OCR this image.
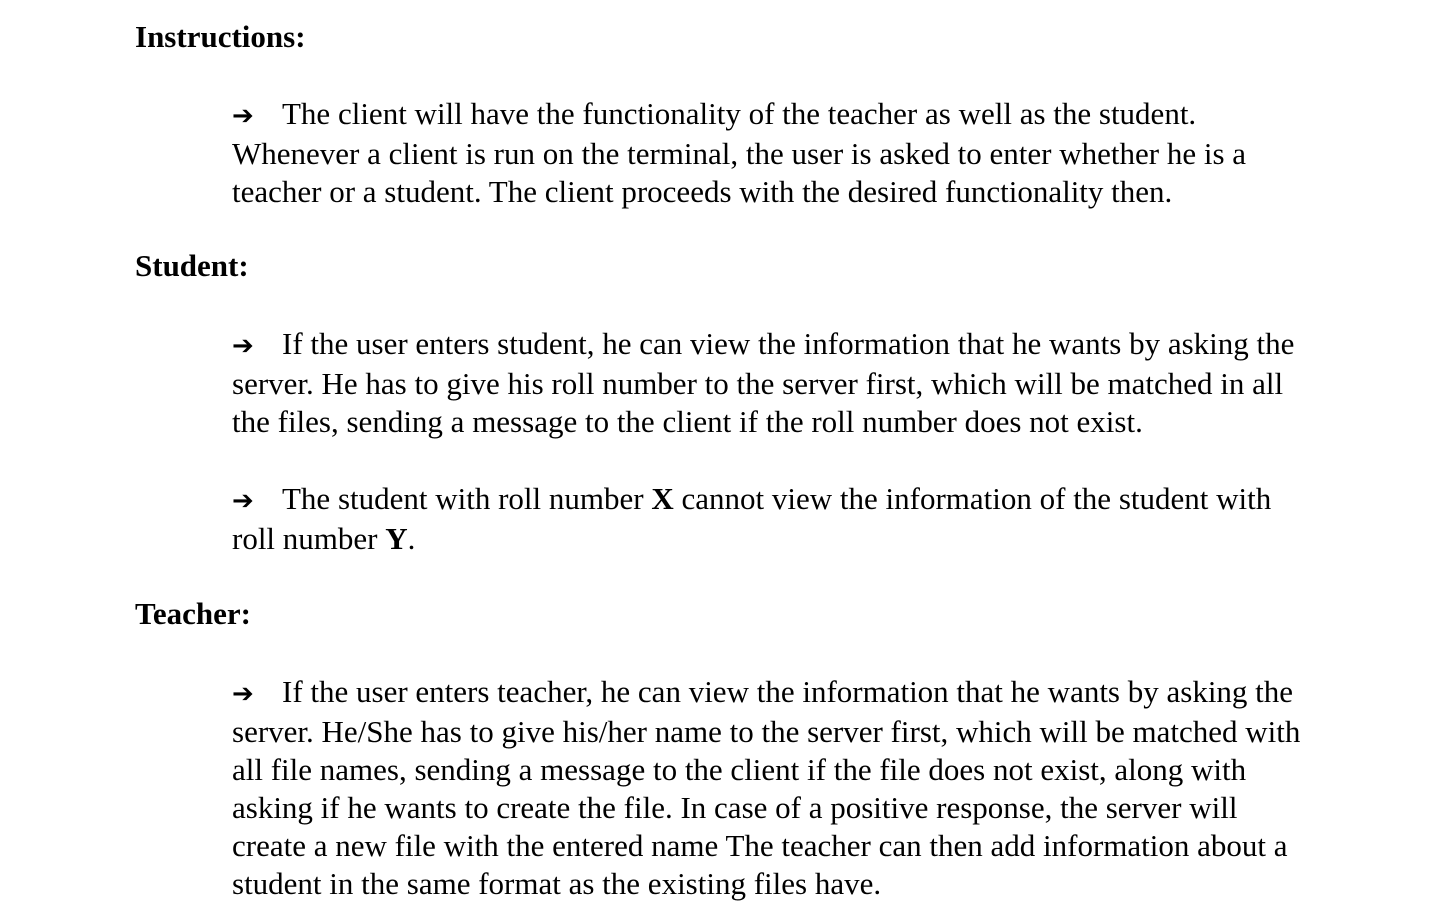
Instructions:
➔ The client will have the functionality of the teacher as well as the student.
Whenever a client is run on the terminal, the user is asked to enter whether he is a
teacher or a student. The client proceeds with the desired functionality then.
Student:
➔ If the user enters student, he can view the information that he wants by asking the
server. He has to give his roll number to the server first, which will be matched in all
the files, sending a message to the client if the roll number does not exist.
➔ The student with roll number X cannot view the information of the student with
roll number Y.
Teacher:
➔ If the user enters teacher, he can view the information that he wants by asking the
server. He/She has to give his/her name to the server first, which will be matched with
all file names, sending a message to the client if the file does not exist, along with
asking if he wants to create the file. In case of a positive response, the server will
create a new file with the entered name The teacher can then add information about a
student in the same format as the existing files have.
